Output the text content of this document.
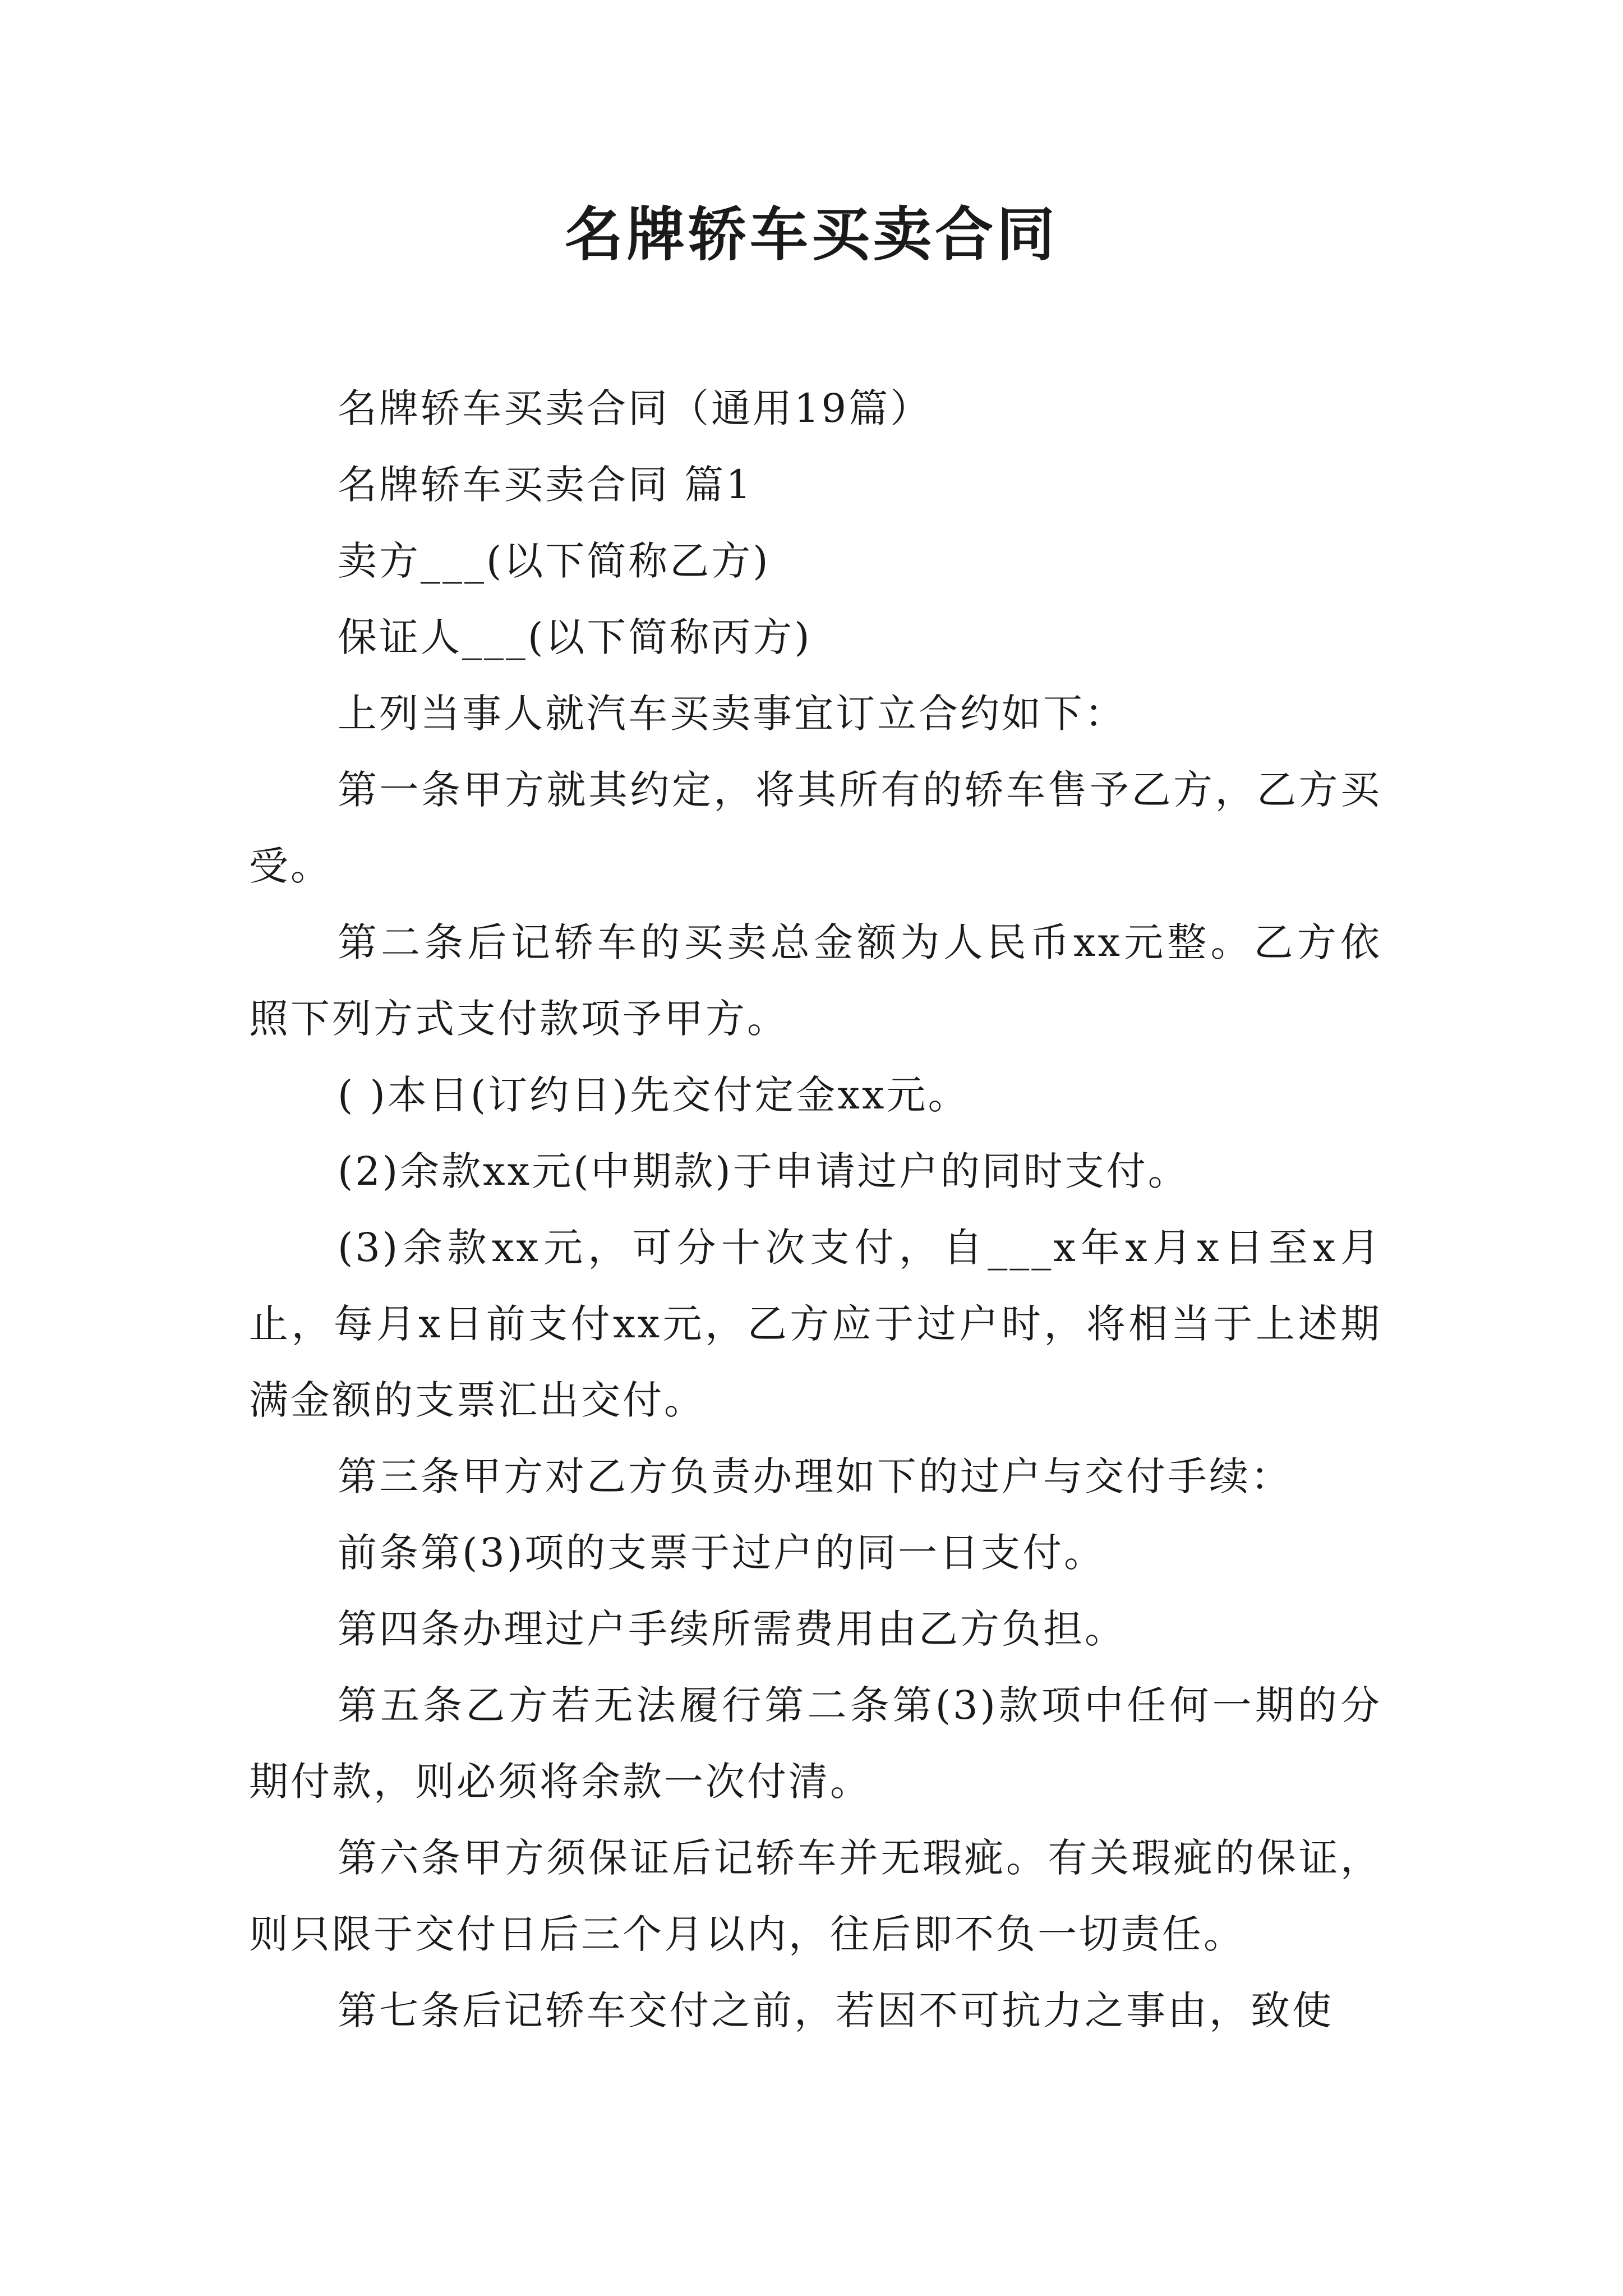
名牌轿车买卖合同

名牌轿车买卖合同（通用19篇）

名牌轿车买卖合同 篇1

卖方___(以下简称乙方)

保证人___(以下简称丙方)

上列当事人就汽车买卖事宜订立合约如下：

第一条甲方就其约定，将其所有的轿车售予乙方，乙方买受。

第二条后记轿车的买卖总金额为人民币xx元整。乙方依照下列方式支付款项予甲方。

( )本日(订约日)先交付定金xx元。

(2)余款xx元(中期款)于申请过户的同时支付。

(3)余款xx元，可分十次支付，自___x年x月x日至x月止，每月x日前支付xx元，乙方应于过户时，将相当于上述期满金额的支票汇出交付。

第三条甲方对乙方负责办理如下的过户与交付手续：

前条第(3)项的支票于过户的同一日支付。

第四条办理过户手续所需费用由乙方负担。

第五条乙方若无法履行第二条第(3)款项中任何一期的分期付款，则必须将余款一次付清。

第六条甲方须保证后记轿车并无瑕疵。有关瑕疵的保证，则只限于交付日后三个月以内，往后即不负一切责任。

第七条后记轿车交付之前，若因不可抗力之事由，致使
